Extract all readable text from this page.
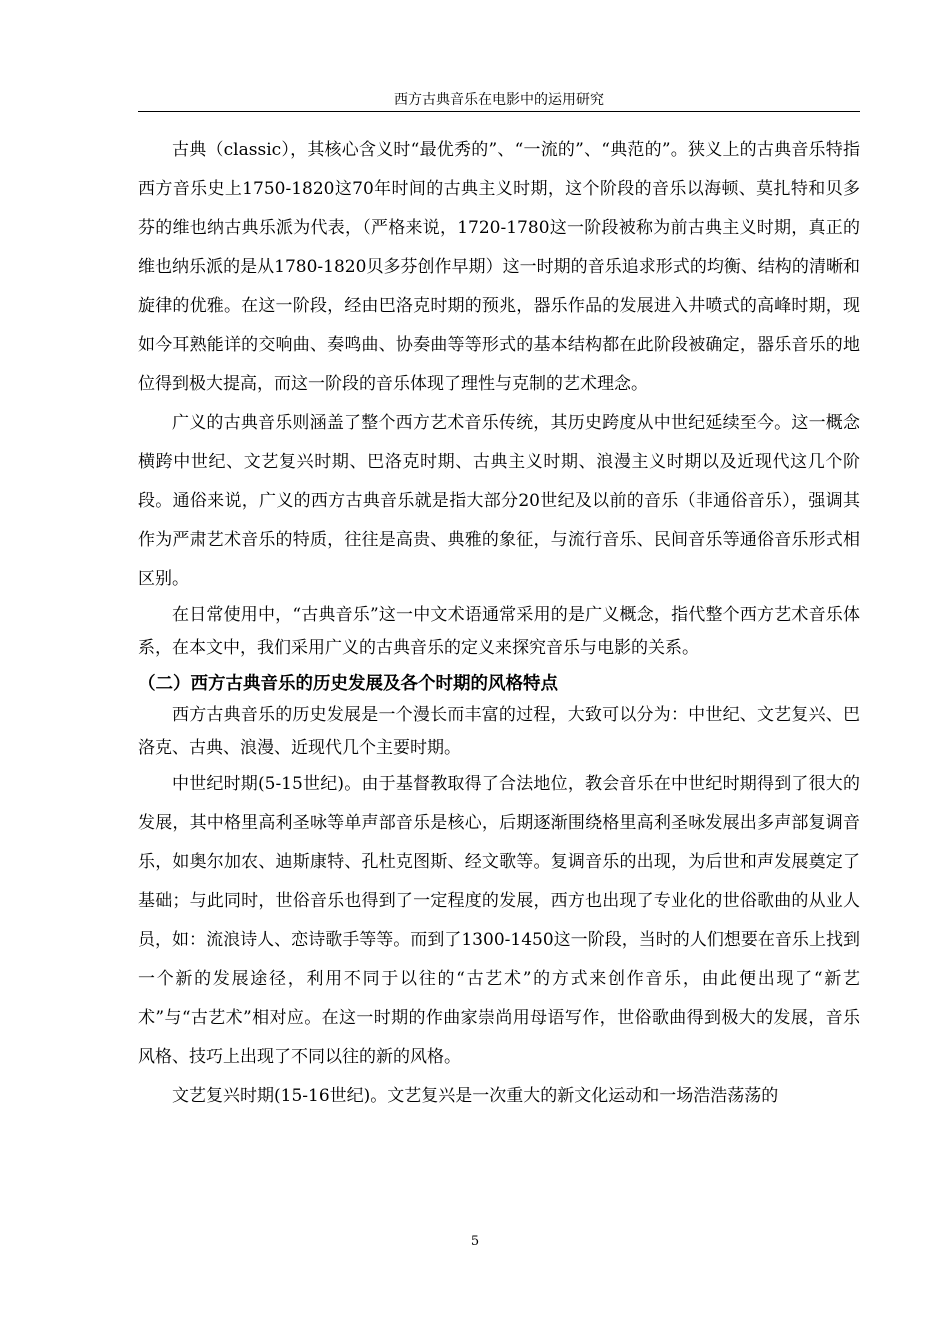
西方古典音乐在电影中的运用研究

古典（classic），其核心含义时“最优秀的”、“一流的”、“典范的”。狭义上的古典音乐特指西方音乐史上1750-1820这70年时间的古典主义时期，这个阶段的音乐以海顿、莫扎特和贝多芬的维也纳古典乐派为代表，（严格来说，1720-1780这一阶段被称为前古典主义时期，真正的维也纳乐派的是从1780-1820贝多芬创作早期）这一时期的音乐追求形式的均衡、结构的清晰和旋律的优雅。在这一阶段，经由巴洛克时期的预兆，器乐作品的发展进入井喷式的高峰时期，现如今耳熟能详的交响曲、奏鸣曲、协奏曲等等形式的基本结构都在此阶段被确定，器乐音乐的地位得到极大提高，而这一阶段的音乐体现了理性与克制的艺术理念。

广义的古典音乐则涵盖了整个西方艺术音乐传统，其历史跨度从中世纪延续至今。这一概念横跨中世纪、文艺复兴时期、巴洛克时期、古典主义时期、浪漫主义时期以及近现代这几个阶段。通俗来说，广义的西方古典音乐就是指大部分20世纪及以前的音乐（非通俗音乐），强调其作为严肃艺术音乐的特质，往往是高贵、典雅的象征，与流行音乐、民间音乐等通俗音乐形式相区别。

在日常使用中，“古典音乐”这一中文术语通常采用的是广义概念，指代整个西方艺术音乐体系，在本文中，我们采用广义的古典音乐的定义来探究音乐与电影的关系。

（二）西方古典音乐的历史发展及各个时期的风格特点

西方古典音乐的历史发展是一个漫长而丰富的过程，大致可以分为：中世纪、文艺复兴、巴洛克、古典、浪漫、近现代几个主要时期。

中世纪时期(5-15世纪)。由于基督教取得了合法地位，教会音乐在中世纪时期得到了很大的发展，其中格里高利圣咏等单声部音乐是核心，后期逐渐围绕格里高利圣咏发展出多声部复调音乐，如奥尔加农、迪斯康特、孔杜克图斯、经文歌等。复调音乐的出现，为后世和声发展奠定了基础；与此同时，世俗音乐也得到了一定程度的发展，西方也出现了专业化的世俗歌曲的从业人员，如：流浪诗人、恋诗歌手等等。而到了1300-1450这一阶段，当时的人们想要在音乐上找到一个新的发展途径，利用不同于以往的“古艺术”的方式来创作音乐，由此便出现了“新艺术”与“古艺术”相对应。在这一时期的作曲家崇尚用母语写作，世俗歌曲得到极大的发展，音乐风格、技巧上出现了不同以往的新的风格。

文艺复兴时期(15-16世纪)。文艺复兴是一次重大的新文化运动和一场浩浩荡荡的

5
